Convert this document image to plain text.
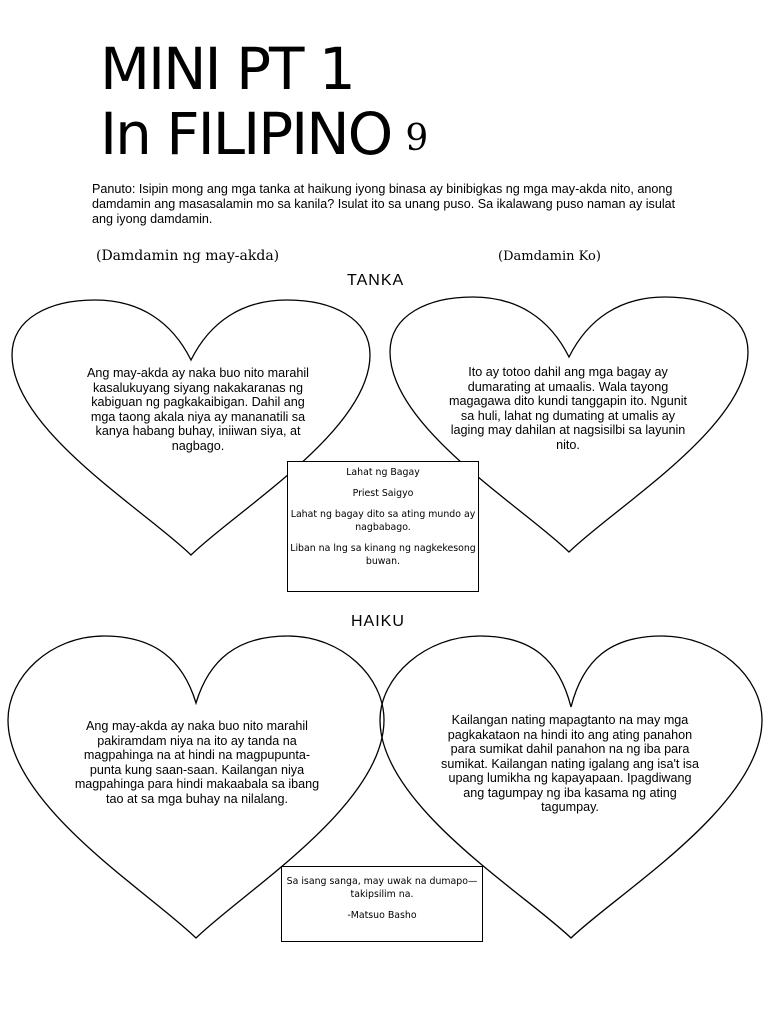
MINI PT 1
In FILIPINO 9
Panuto: Isipin mong ang mga tanka at haikung iyong binasa ay binibigkas ng mga may-akda nito, anong damdamin ang masasalamin mo sa kanila? Isulat ito sa unang puso. Sa ikalawang puso naman ay isulat ang iyong damdamin.
(Damdamin ng may-akda)	(Damdamin Ko)
TANKA
HAIKU
Ang may-akda ay naka buo nito marahil kasalukuyang siyang nakakaranas ng kabiguan ng pagkakaibigan. Dahil ang mga taong akala niya ay mananatili sa kanya habang buhay, iniiwan siya, at nagbago.
Ito ay totoo dahil ang mga bagay ay dumarating at umaalis. Wala tayong magagawa dito kundi tanggapin ito. Ngunit sa huli, lahat ng dumating at umalis ay laging may dahilan at nagsisilbi sa layunin nito.

Lahat ng Bagay

Priest Saigyo

Lahat ng bagay dito sa ating mundo ay nagbabago.

Liban na lng sa kinang ng nagkekesong buwan.

Ang may-akda ay naka buo nito marahil pakiramdam niya na ito ay tanda na magpahinga na at hindi na magpupunta-punta kung saan-saan. Kailangan niya magpahinga para hindi makaabala sa ibang tao at sa mga buhay na nilalang.
Kailangan nating mapagtanto na may mga pagkakataon na hindi ito ang ating panahon para sumikat dahil panahon na ng iba para sumikat. Kailangan nating igalang ang isa't isa upang lumikha ng kapayapaan. Ipagdiwang ang tagumpay ng iba kasama ng ating tagumpay.

Sa isang sanga, may uwak na dumapo—takipsilim na.

-Matsuo Basho
